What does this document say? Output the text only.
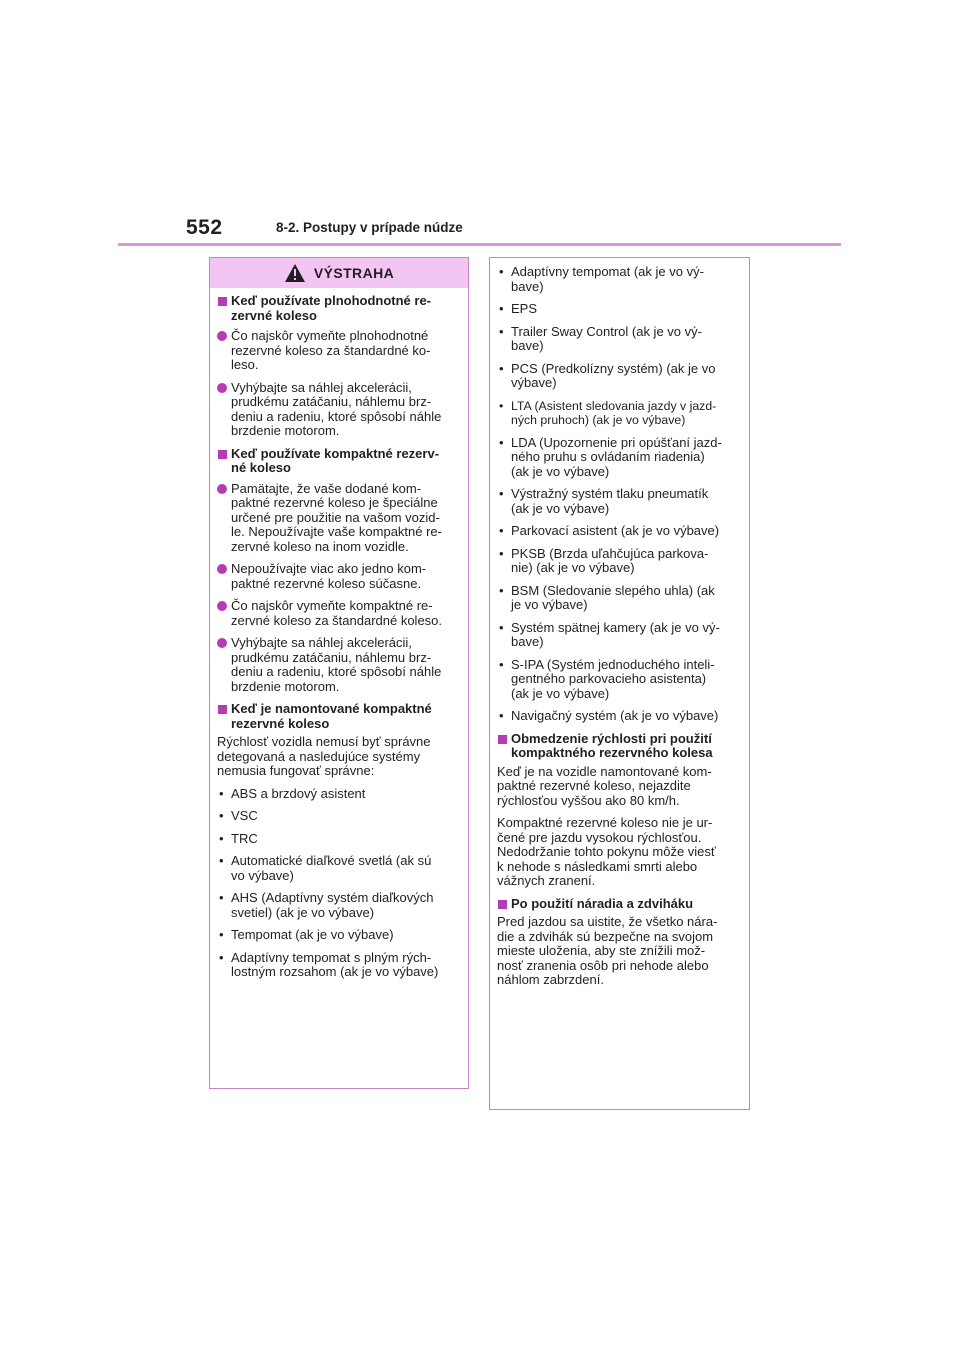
552	8-2. Postupy v prípade núdze
VÝSTRAHA
Keď používate plnohodnotné re-
zervné koleso
Čo najskôr vymeňte plnohodnotné
rezervné koleso za štandardné ko-
leso.
Vyhýbajte sa náhlej akcelerácii,
prudkému zatáčaniu, náhlemu brz-
deniu a radeniu, ktoré spôsobí náhle
brzdenie motorom.
Keď používate kompaktné rezerv-
né koleso
Pamätajte, že vaše dodané kom-
paktné rezervné koleso je špeciálne
určené pre použitie na vašom vozid-
le. Nepoužívajte vaše kompaktné re-
zervné koleso na inom vozidle.
Nepoužívajte viac ako jedno kom-
paktné rezervné koleso súčasne.
Čo najskôr vymeňte kompaktné re-
zervné koleso za štandardné koleso.
Vyhýbajte sa náhlej akcelerácii,
prudkému zatáčaniu, náhlemu brz-
deniu a radeniu, ktoré spôsobí náhle
brzdenie motorom.
Keď je namontované kompaktné
rezervné koleso
Rýchlosť vozidla nemusí byť správne
detegovaná a nasledujúce systémy
nemusia fungovať správne:
• ABS a brzdový asistent
• VSC
• TRC
• Automatické diaľkové svetlá (ak sú
vo výbave)
• AHS (Adaptívny systém diaľkových
svetiel) (ak je vo výbave)
• Tempomat (ak je vo výbave)
• Adaptívny tempomat s plným rých-
lostným rozsahom (ak je vo výbave)
• Adaptívny tempomat (ak je vo vý-
bave)
• EPS
• Trailer Sway Control (ak je vo vý-
bave)
• PCS (Predkolízny systém) (ak je vo
výbave)
• LTA (Asistent sledovania jazdy v jazd-
ných pruhoch) (ak je vo výbave)
• LDA (Upozornenie pri opúšťaní jazd-
ného pruhu s ovládaním riadenia)
(ak je vo výbave)
• Výstražný systém tlaku pneumatík
(ak je vo výbave)
• Parkovací asistent (ak je vo výbave)
• PKSB (Brzda uľahčujúca parkova-
nie) (ak je vo výbave)
• BSM (Sledovanie slepého uhla) (ak
je vo výbave)
• Systém spätnej kamery (ak je vo vý-
bave)
• S-IPA (Systém jednoduchého inteli-
gentného parkovacieho asistenta)
(ak je vo výbave)
• Navigačný systém (ak je vo výbave)
Obmedzenie rýchlosti pri použití
kompaktného rezervného kolesa
Keď je na vozidle namontované kom-
paktné rezervné koleso, nejazdite
rýchlosťou vyššou ako 80 km/h.
Kompaktné rezervné koleso nie je ur-
čené pre jazdu vysokou rýchlosťou.
Nedodržanie tohto pokynu môže viesť
k nehode s následkami smrti alebo
vážnych zranení.
Po použití náradia a zdviháku
Pred jazdou sa uistite, že všetko nára-
die a zdvihák sú bezpečne na svojom
mieste uloženia, aby ste znížili mož-
nosť zranenia osôb pri nehode alebo
náhlom zabrzdení.
